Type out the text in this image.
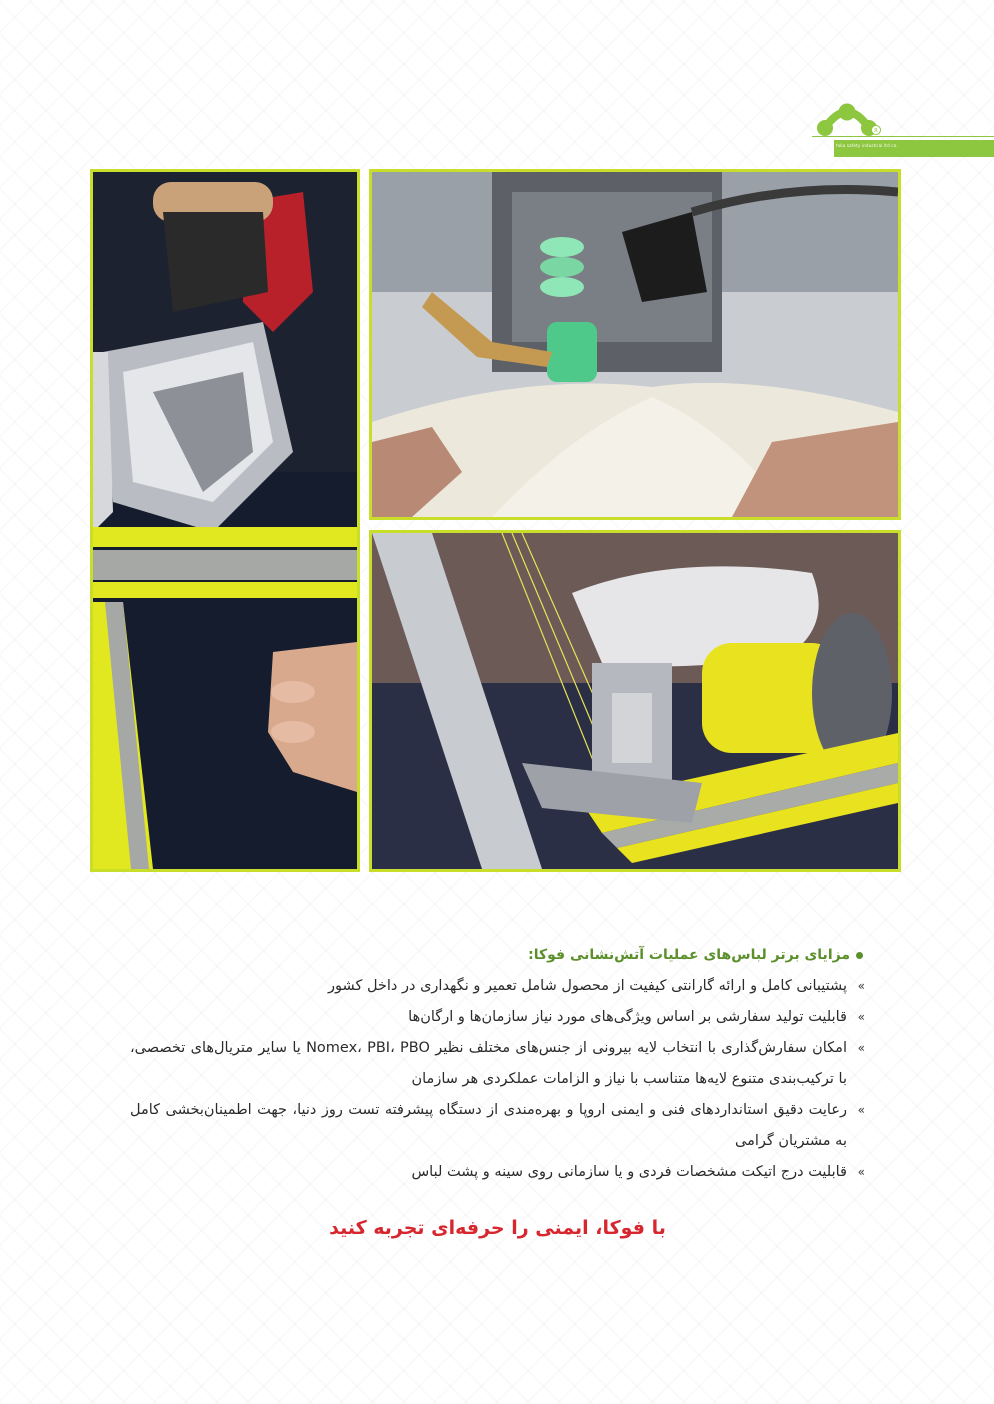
R
foka safety industrial ltd co.
مزایای برتر لباس‌های عملیات آتش‌نشانی فوکا:
»
پشتیبانی کامل و ارائه گارانتی کیفیت از محصول شامل تعمیر و نگهداری در داخل کشور
»
قابلیت تولید سفارشی بر اساس ویژگی‌های مورد نیاز سازمان‌ها و ارگان‌ها
»
امکان سفارش‌گذاری با انتخاب لایه بیرونی از جنس‌های مختلف نظیر Nomex، PBI، PBO یا سایر متریال‌های تخصصی، با ترکیب‌بندی متنوع لایه‌ها متناسب با نیاز و الزامات عملکردی هر سازمان
»
رعایت دقیق استانداردهای فنی و ایمنی اروپا و بهره‌مندی از دستگاه پیشرفته تست روز دنیا، جهت اطمینان‌بخشی کامل به مشتریان گرامی
»
قابلیت درج اتیکت مشخصات فردی و یا سازمانی روی سینه و پشت لباس
با فوکا، ایمنی را حرفه‌ای تجربه کنید
